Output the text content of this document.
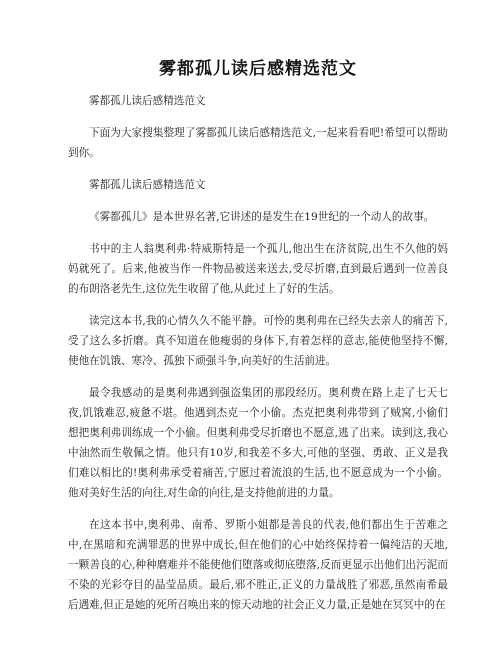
雾都孤儿读后感精选范文
雾都孤儿读后感精选范文
下面为大家搜集整理了雾都孤儿读后感精选范文,一起来看看吧!希望可以帮助到你。
雾都孤儿读后感精选范文
《雾都孤儿》是本世界名著,它讲述的是发生在19世纪的一个动人的故事。
书中的主人翁奥利弗·特威斯特是一个孤儿,他出生在济贫院,出生不久他的妈妈就死了。后来,他被当作一件物品被送来送去,受尽折磨,直到最后遇到一位善良的布朗洛老先生,这位先生收留了他,从此过上了好的生活。
读完这本书,我的心情久久不能平静。可怜的奥利弗在已经失去亲人的痛苦下,受了这么多折磨。真不知道在他瘦弱的身体下,有着怎样的意志,能使他坚持不懈,使他在饥饿、寒冷、孤独下顽强斗争,向美好的生活前进。
最令我感动的是奥利弗遇到强盗集团的那段经历。奥利费在路上走了七天七夜,饥饿难忍,疲惫不堪。他遇到杰克一个小偷。杰克把奥利弗带到了贼窝,小偷们想把奥利弗训练成一个小偷。但奥利弗受尽折磨也不愿意,逃了出来。读到这,我心中油然而生敬佩之情。他只有10岁,和我差不多大,可他的坚强、勇敢、正义是我们难以相比的!奥利弗承受着痛苦,宁愿过着流浪的生活,也不愿意成为一个小偷。他对美好生活的向往,对生命的向往,是支持他前进的力量。
在这本书中,奥利弗、南希、罗斯小姐都是善良的代表,他们都出生于苦难之中,在黑暗和充满罪恶的世界中成长,但在他们的心中始终保持着一偏纯洁的天地,一颗善良的心,种种磨难并不能使他们堕落或彻底堕落,反而更显示出他们出污泥而不染的光彩夺目的晶莹品质。最后,邪不胜正,正义的力量战胜了邪恶,虽然南希最后遇难,但正是她的死所召唤出来的惊天动地的社会正义力量,正是她在冥冥中的在
